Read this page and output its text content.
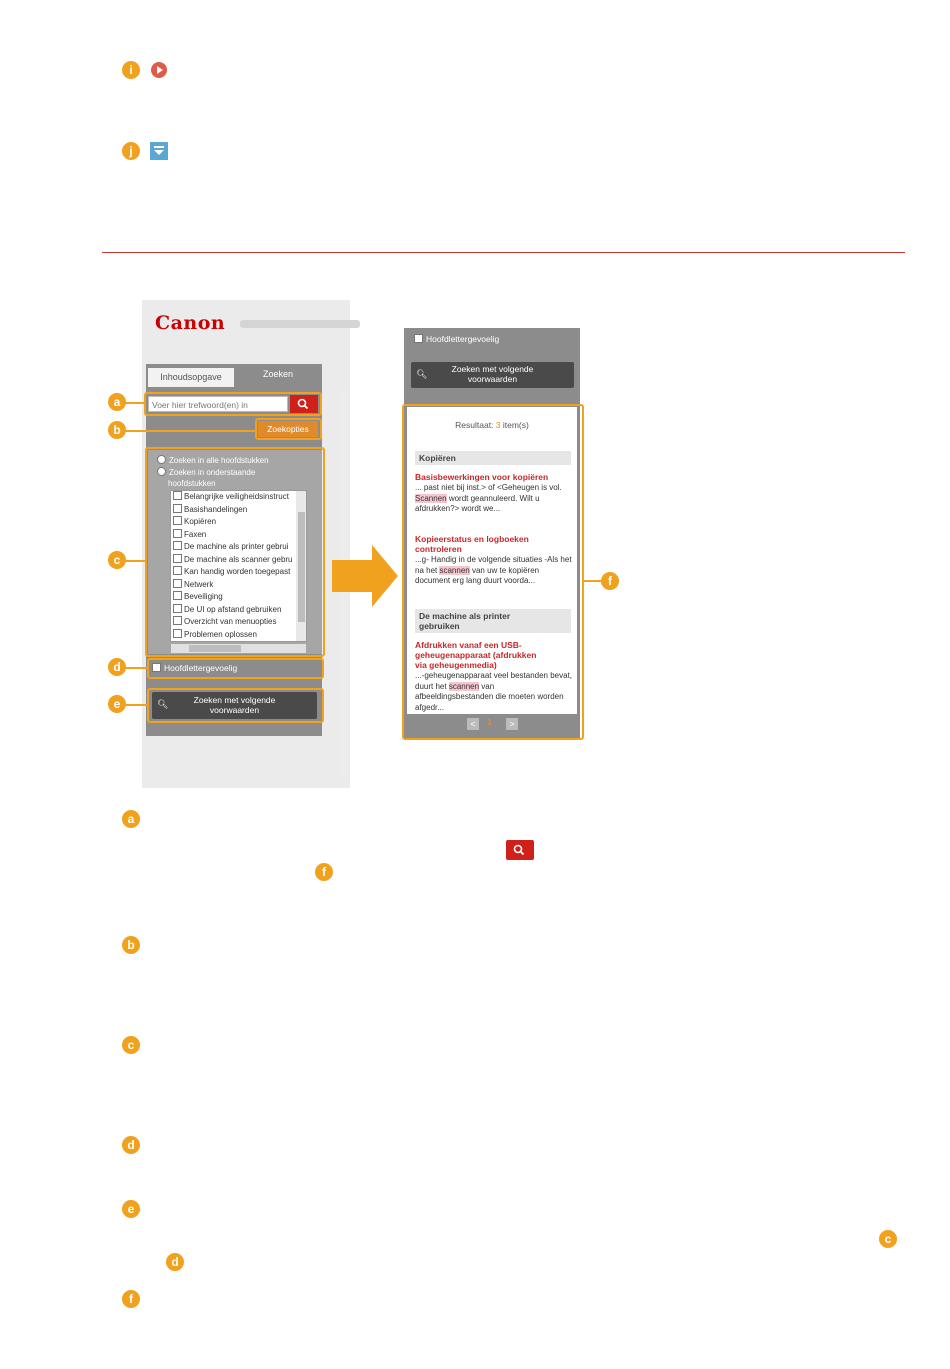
i
j
Canon
Inhoudsopgave	Zoeken
Voer hier trefwoord(en) in
Zoekopties
Zoeken in alle hoofdstukken
Zoeken in onderstaande
hoofdstukken
Belangrijke veiligheidsinstruct
Basishandelingen
Kopiëren
Faxen
De machine als printer gebrui
De machine als scanner gebru
Kan handig worden toegepast
Netwerk
Beveiliging
De UI op afstand gebruiken
Overzicht van menuopties
Problemen oplossen
Hoofdlettergevoelig
🔍︎	Zoeken met volgende
voorwaarden
a
b
c
d
e
Hoofdlettergevoelig
🔍︎	Zoeken met volgende
voorwaarden
Resultaat: 3 item(s)
Kopiëren
Basisbewerkingen voor kopiëren
... past niet bij inst.> of <Geheugen is vol. Scannen wordt geannuleerd. Wilt u afdrukken?> wordt we...
Kopieerstatus en logboeken
controleren
...g- Handig in de volgende situaties -Als het na het scannen van uw te kopiëren document erg lang duurt voorda...
De machine als printer
gebruiken
Afdrukken vanaf een USB-
geheugenapparaat (afdrukken
via geheugenmedia)
...-geheugenapparaat veel bestanden bevat, duurt het scannen van afbeeldingsbestanden die moeten worden afgedr...
<	1	>
f
a
f
b
c
d
e
c
d
f
